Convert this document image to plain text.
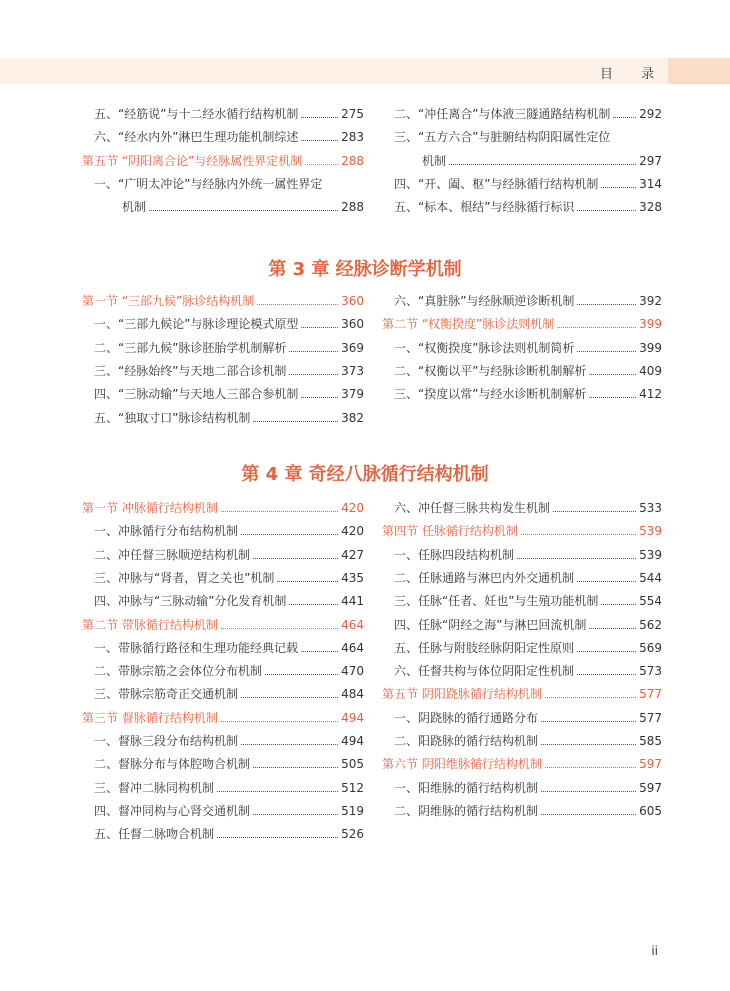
目 录
五、“经筋说”与十二经水循行结构机制	275
六、“经水内外”淋巴生理功能机制综述	283
第五节 “阴阳离合论”与经脉属性界定机制	288
一、“广明太冲论”与经脉内外统一属性界定
机制	288
二、“冲任离合”与体液三隧通路结构机制 292
三、“五方六合”与脏腑结构阴阳属性定位
机制	297
四、“开、阖、枢”与经脉循行结构机制	314
五、“标本、根结”与经脉循行标识	328
第 3 章 经脉诊断学机制
第一节 “三部九候”脉诊结构机制	360
一、“三部九候论”与脉诊理论模式原型	360
二、“三部九候”脉诊胚胎学机制解析	369
三、“经脉始终”与天地二部合诊机制	373
四、“三脉动输”与天地人三部合参机制	379
五、“独取寸口”脉诊结构机制	382
六、“真脏脉”与经脉顺逆诊断机制	392
第二节 “权衡揆度”脉诊法则机制	399
一、“权衡揆度”脉诊法则机制简析	399
二、“权衡以平”与经脉诊断机制解析	409
三、“揆度以常”与经水诊断机制解析	412
第 4 章 奇经八脉循行结构机制
第一节 冲脉循行结构机制	420
一、冲脉循行分布结构机制	420
二、冲任督三脉顺逆结构机制	427
三、冲脉与“肾者，胃之关也”机制	435
四、冲脉与“三脉动输”分化发育机制	441
第二节 带脉循行结构机制	464
一、带脉循行路径和生理功能经典记载	464
二、带脉宗筋之会体位分布机制	470
三、带脉宗筋奇正交通机制	484
第三节 督脉循行结构机制	494
一、督脉三段分布结构机制	494
二、督脉分布与体腔吻合机制	505
三、督冲二脉同构机制	512
四、督冲同构与心肾交通机制	519
五、任督二脉吻合机制	526
六、冲任督三脉共构发生机制	533
第四节 任脉循行结构机制	539
一、任脉四段结构机制	539
二、任脉通路与淋巴内外交通机制	544
三、任脉“任者、妊也”与生殖功能机制	554
四、任脉“阴经之海”与淋巴回流机制	562
五、任脉与附肢经脉阴阳定性原则	569
六、任督共构与体位阴阳定性机制	573
第五节 阴阳跷脉循行结构机制	577
一、阴跷脉的循行通路分布	577
二、阳跷脉的循行结构机制	585
第六节 阴阳维脉循行结构机制	597
一、阳维脉的循行结构机制	597
二、阴维脉的循行结构机制	605
ii
